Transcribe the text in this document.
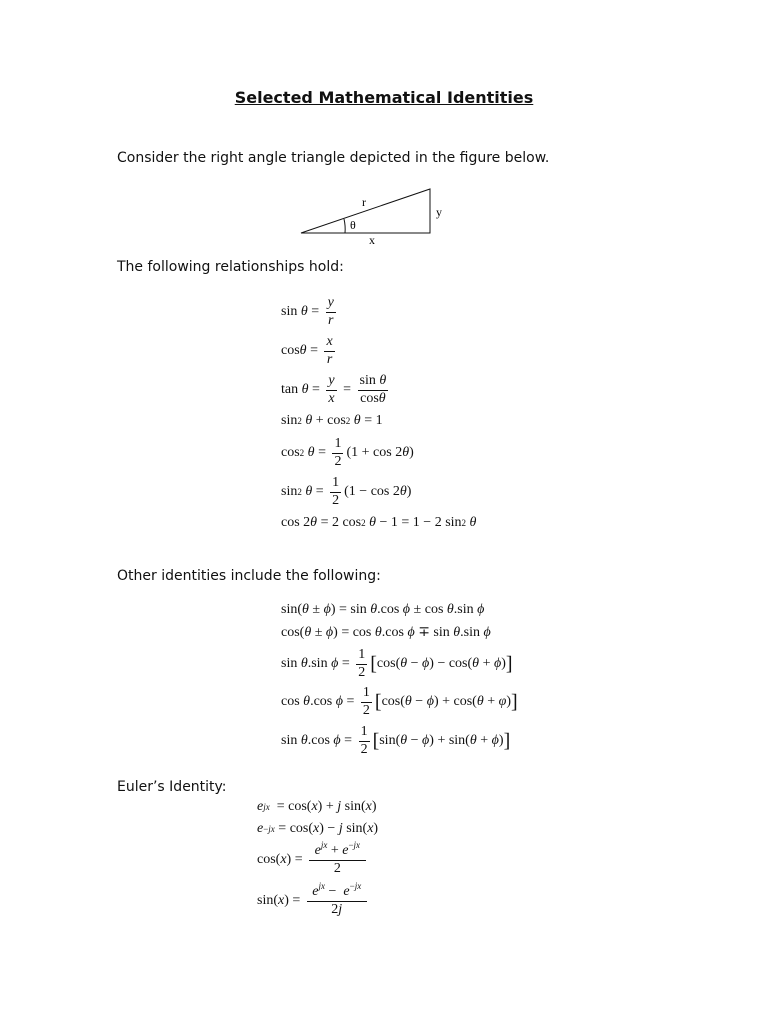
Selected Mathematical Identities
Consider the right angle triangle depicted in the figure below.
r
y
x
θ
The following relationships hold:
$\sin \theta = \frac{y}{r}$
$\cos \theta = \frac{x}{r}$
$\tan \theta = \frac{y}{x} = \frac{\text{sin θ}}{\cos\theta}$
sin 2
θ + cos 2
θ = 1
cos 2
$\theta = \frac{1}{2} (1 + \cos 2$ θ )
sin 2
$\theta = \frac{1}{2} (1 - \cos 2$ θ )
cos 2 θ = 2 cos 2
θ − 1 = 1 − 2 sin 2
θ
Other identities include the following:
sin( θ ± ϕ ) = sin θ .cos ϕ ± cos θ .sin ϕ
cos( θ ± ϕ ) = cos θ .cos ϕ ∓ sin θ .sin ϕ
sin θ .sin $\phi = \frac{1}{2}$ [ cos( θ − ϕ ) − cos( θ + ϕ ) ]
cos θ .cos $\phi = \frac{1}{2}$ [ cos( θ − ϕ ) + cos( θ + φ ) ]
sin θ .cos $\phi = \frac{1}{2}$ [ sin( θ − ϕ ) + sin( θ + ϕ ) ]
Euler’s Identity:
e jx = cos( x ) + j sin( x )
e −jx = cos( x ) − j sin( x )
cos( x ) = $\frac{e^{jx} + e^{-jx}}{2}$
sin( x ) = $\frac{e^{jx} - e^{-jx}}{2j}$
